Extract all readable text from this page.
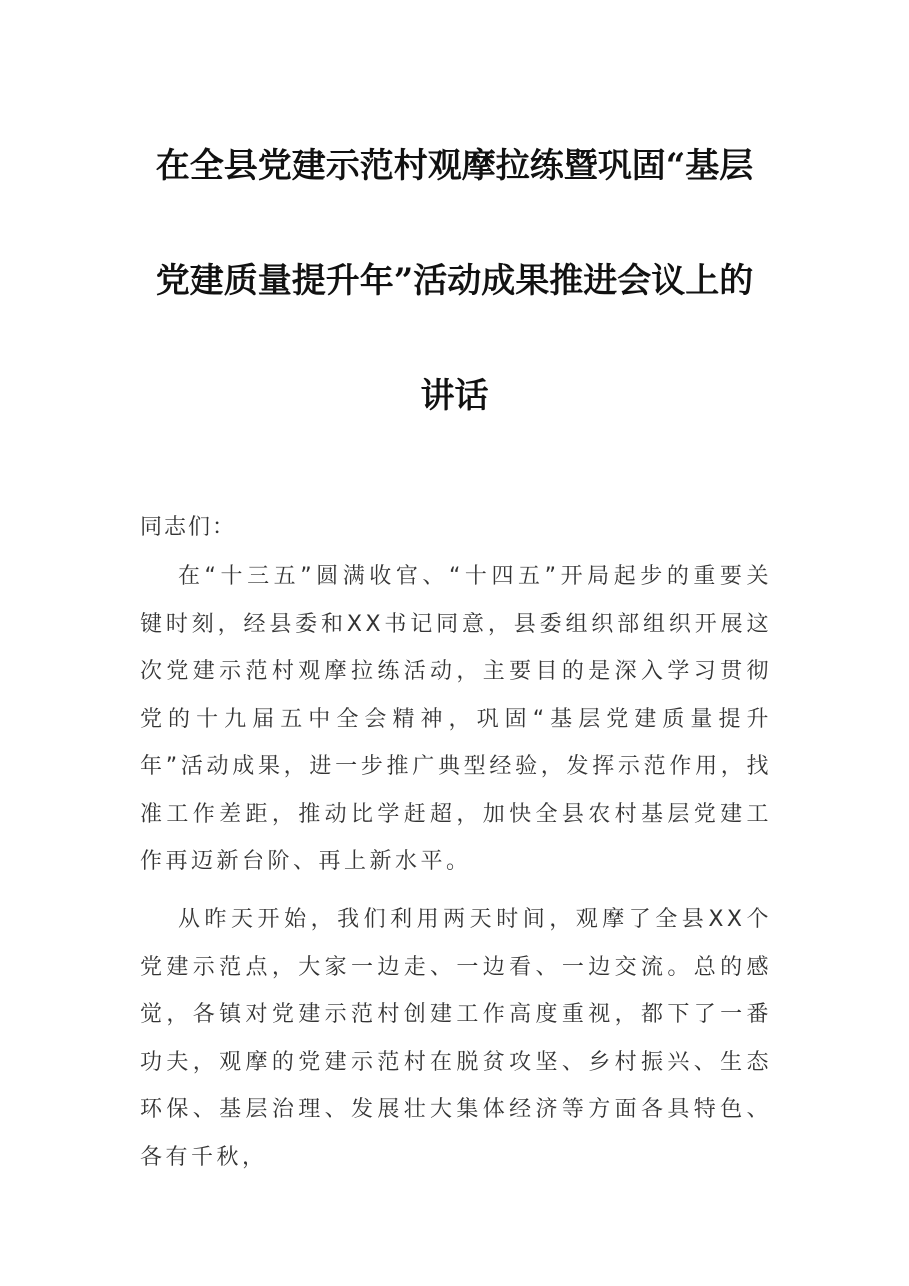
在全县党建示范村观摩拉练暨巩固“基层
党建质量提升年”活动成果推进会议上的
讲话
同志们：
在“十三五”圆满收官、“十四五”开局起步的重要关键时刻，经县委和XX书记同意，县委组织部组织开展这次党建示范村观摩拉练活动，主要目的是深入学习贯彻党的十九届五中全会精神，巩固“基层党建质量提升年”活动成果，进一步推广典型经验，发挥示范作用，找准工作差距，推动比学赶超，加快全县农村基层党建工作再迈新台阶、再上新水平。
从昨天开始，我们利用两天时间，观摩了全县XX个党建示范点，大家一边走、一边看、一边交流。总的感觉，各镇对党建示范村创建工作高度重视，都下了一番功夫，观摩的党建示范村在脱贫攻坚、乡村振兴、生态环保、基层治理、发展壮大集体经济等方面各具特色、各有千秋，
